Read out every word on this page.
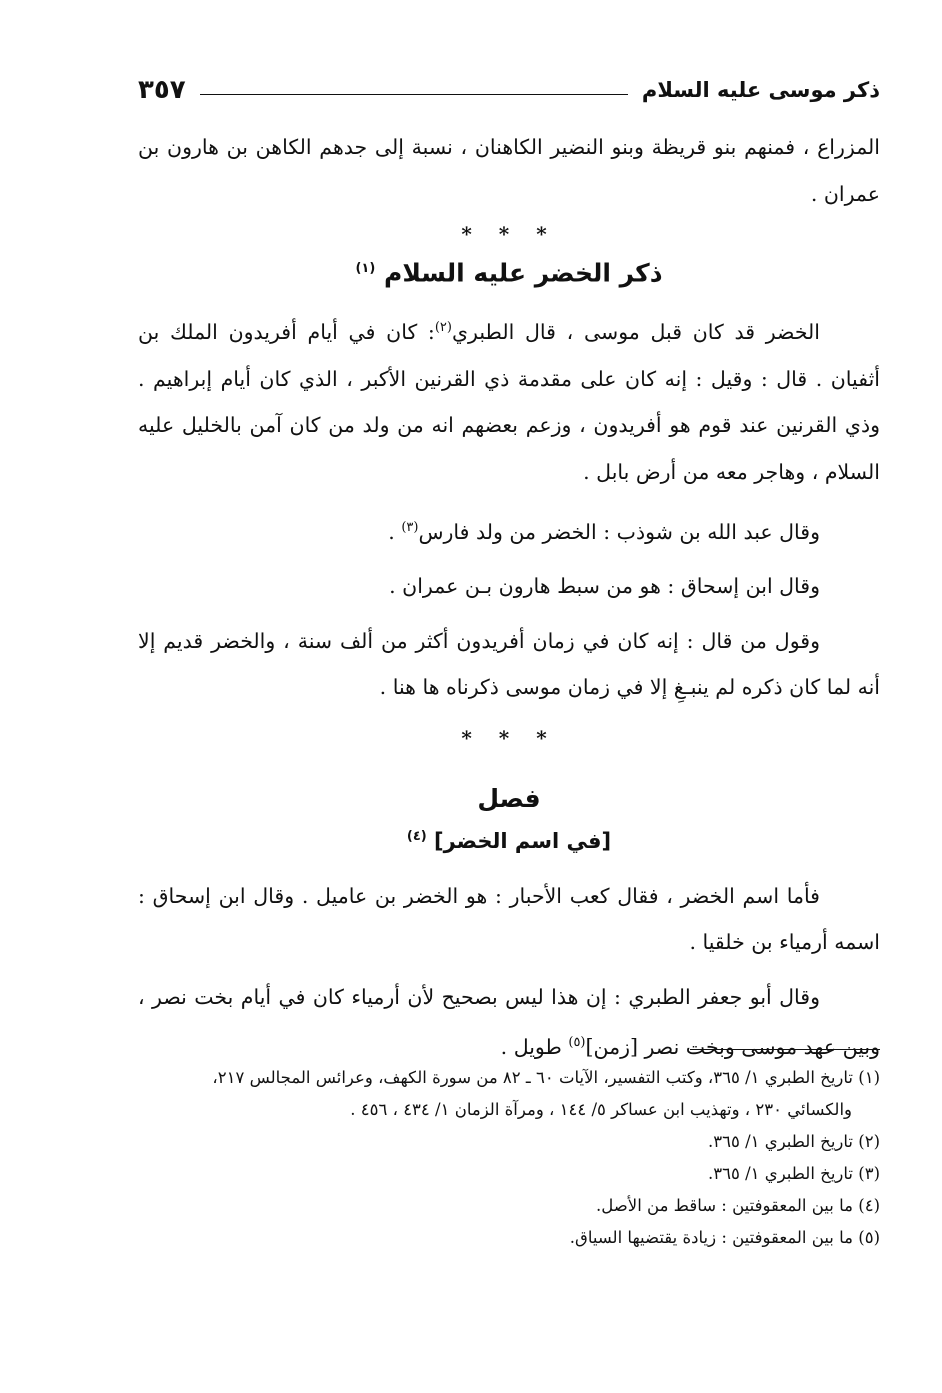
ذكر موسى عليه السلام
٣٥٧

المزراع ، فمنهم بنو قريظة وبنو النضير الكاهنان ، نسبة إلى جدهم الكاهن بن هارون بن عمران .

* * *
ذكر الخضر عليه السلام $^{(١)}$

الخضر قد كان قبل موسى ، قال الطبري$^{(٢)}$: كان في أيام أفريدون الملك بن أثفيان . قال : وقيل : إنه كان على مقدمة ذي القرنين الأكبر ، الذي كان أيام إبراهيم . وذي القرنين عند قوم هو أفريدون ، وزعم بعضهم انه من ولد من كان آمن بالخليل عليه السلام ، وهاجر معه من أرض بابل .

وقال عبد الله بن شوذب : الخضر من ولد فارس$^{(٣)}$ .

وقال ابن إسحاق : هو من سبط هارون بـن عمران .

وقول من قال : إنه كان في زمان أفريدون أكثر من ألف سنة ، والخضر قديم إلا أنه لما كان ذكره لم ينبـغِ إلا في زمان موسى ذكرناه ها هنا .

* * *
فصل
[في اسم الخضر] $^{(٤)}$

فأما اسم الخضر ، فقال كعب الأحبار : هو الخضر بن عاميل . وقال ابن إسحاق : اسمه أرمياء بن خلقيا .

وقال أبو جعفر الطبري : إن هذا ليس بصحيح لأن أرمياء كان في أيام بخت نصر ، وبين عهد موسى وبخت نصر [زمن]$^{(٥)}$ طويل .

(١) تاريخ الطبري ١/ ٣٦٥، وكتب التفسير، الآيات ٦٠ ـ ٨٢ من سورة الكهف، وعرائس المجالس ٢١٧،

والكسائي ٢٣٠ ، وتهذيب ابن عساكر ٥/ ١٤٤ ، ومرآة الزمان ١/ ٤٣٤ ، ٤٥٦ .

(٢) تاريخ الطبري ١/ ٣٦٥.

(٣) تاريخ الطبري ١/ ٣٦٥.

(٤) ما بين المعقوفتين : ساقط من الأصل.

(٥) ما بين المعقوفتين : زيادة يقتضيها السياق.
